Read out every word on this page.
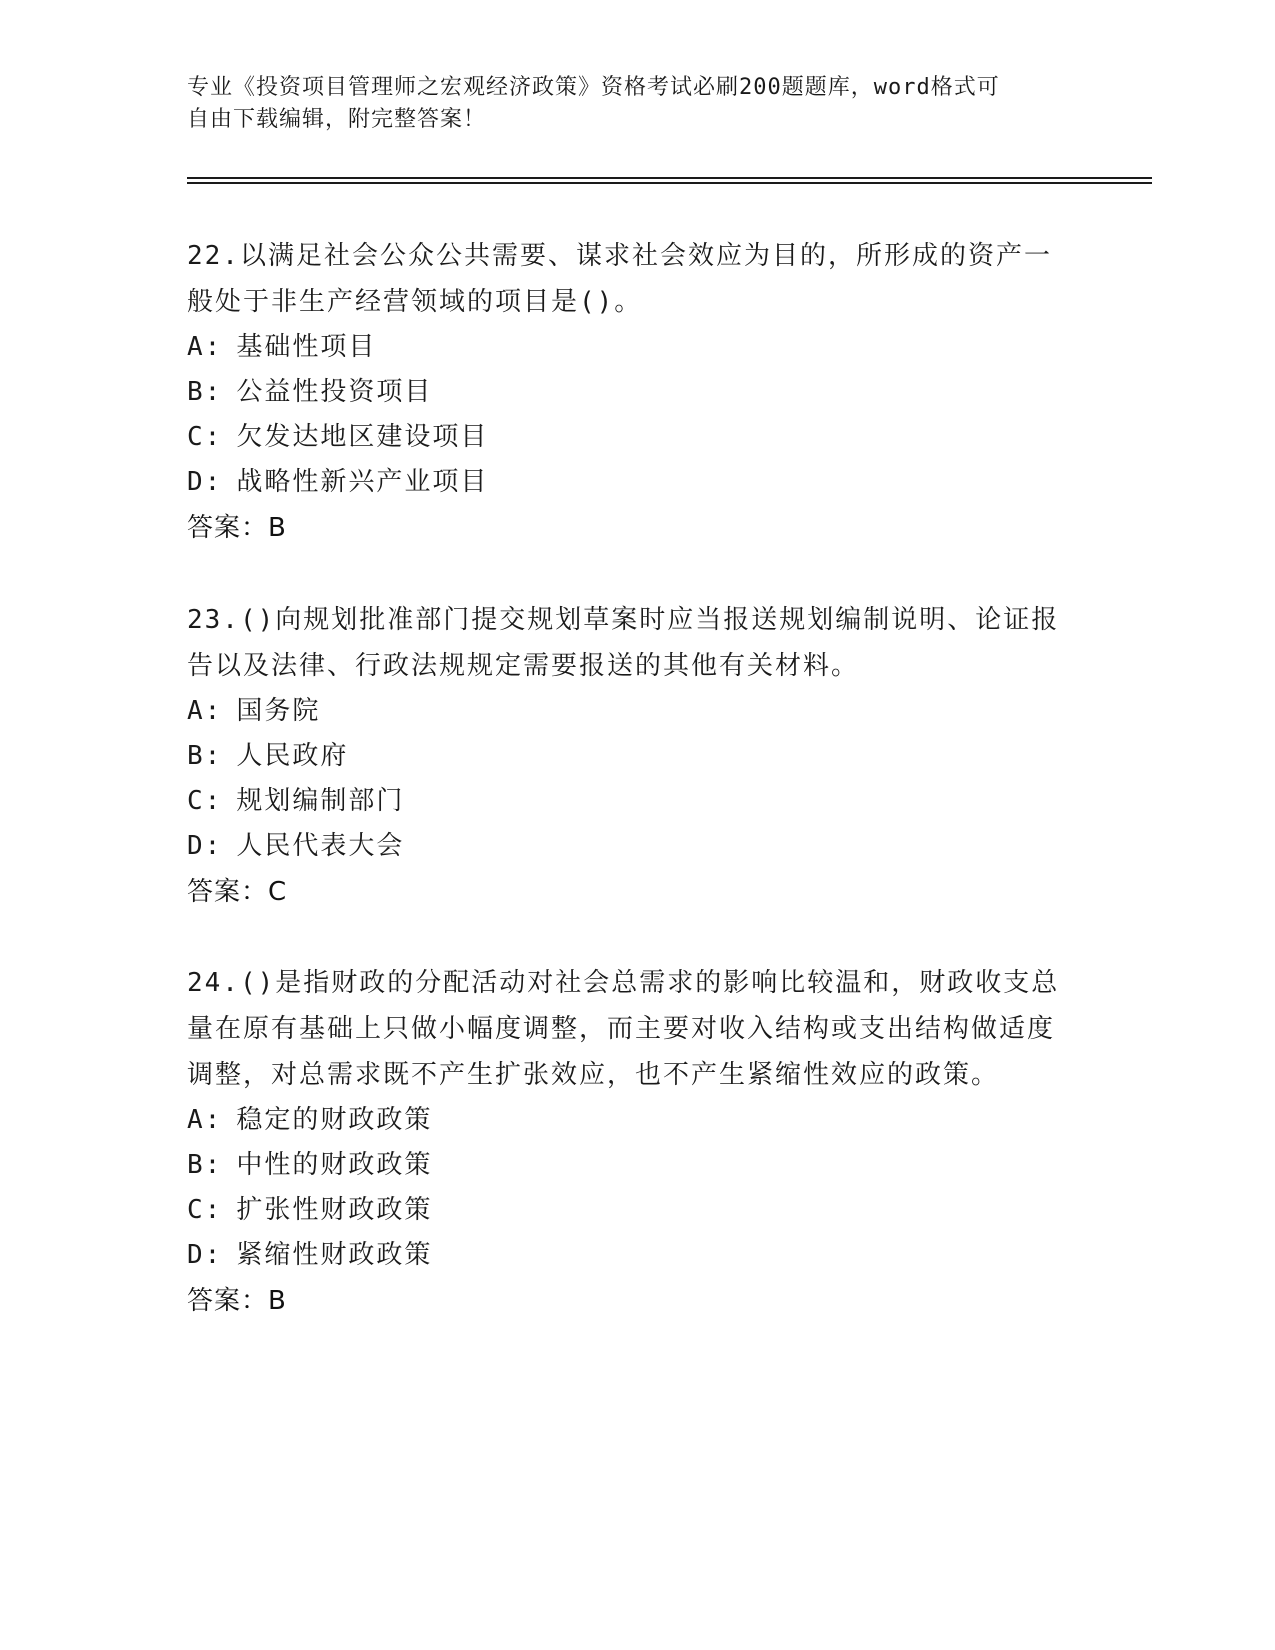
专业《投资项目管理师之宏观经济政策》资格考试必刷200题题库，word格式可
自由下载编辑，附完整答案！

22.以满足社会公众公共需要、谋求社会效应为目的，所形成的资产一般处于非生产经营领域的项目是()。

A: 基础性项目

B: 公益性投资项目

C: 欠发达地区建设项目

D: 战略性新兴产业项目

答案：B

23.()向规划批准部门提交规划草案时应当报送规划编制说明、论证报告以及法律、行政法规规定需要报送的其他有关材料。

A: 国务院

B: 人民政府

C: 规划编制部门

D: 人民代表大会

答案：C

24.()是指财政的分配活动对社会总需求的影响比较温和，财政收支总量在原有基础上只做小幅度调整，而主要对收入结构或支出结构做适度调整，对总需求既不产生扩张效应，也不产生紧缩性效应的政策。

A: 稳定的财政政策

B: 中性的财政政策

C: 扩张性财政政策

D: 紧缩性财政政策

答案：B
